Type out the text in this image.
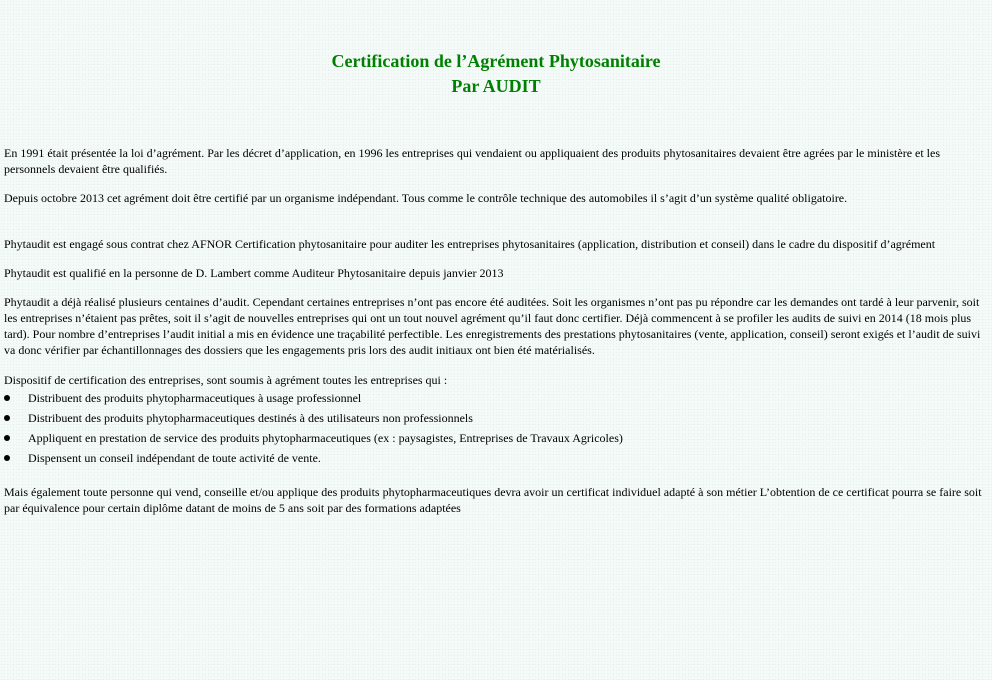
Certification de l’Agrément Phytosanitaire
Par AUDIT

En 1991 était présentée la loi d’agrément. Par les décret d’application, en 1996 les entreprises qui vendaient ou appliquaient des produits phytosanitaires devaient être agrées par le ministère et les personnels devaient être qualifiés.

Depuis octobre 2013 cet agrément doit être certifié par un organisme indépendant. Tous comme le contrôle technique des automobiles il s’agit d’un système qualité obligatoire.

Phytaudit est engagé sous contrat chez AFNOR Certification phytosanitaire pour auditer les entreprises phytosanitaires (application, distribution et conseil) dans le cadre du dispositif d’agrément

Phytaudit est qualifié en la personne de D. Lambert comme Auditeur Phytosanitaire depuis janvier 2013

Phytaudit a déjà réalisé plusieurs centaines d’audit. Cependant certaines entreprises n’ont pas encore été auditées. Soit les organismes n’ont pas pu répondre car les demandes ont tardé à leur parvenir, soit les entreprises n’étaient pas prêtes, soit il s’agit de nouvelles entreprises qui ont un tout nouvel agrément qu’il faut donc certifier. Déjà commencent à se profiler les audits de suivi en 2014 (18 mois plus tard). Pour nombre d’entreprises l’audit initial a mis en évidence une traçabilité perfectible. Les enregistrements des prestations phytosanitaires (vente, application, conseil) seront exigés et l’audit de suivi va donc vérifier par échantillonnages des dossiers que les engagements pris lors des audit initiaux ont bien été matérialisés.

Dispositif de certification des entreprises, sont soumis à agrément toutes les entreprises qui :

Distribuent des produits phytopharmaceutiques à usage professionnel
Distribuent des produits phytopharmaceutiques destinés à des utilisateurs non professionnels
Appliquent en prestation de service des produits phytopharmaceutiques (ex : paysagistes, Entreprises de Travaux Agricoles)
Dispensent un conseil indépendant de toute activité de vente.

Mais également toute personne qui vend, conseille et/ou applique des produits phytopharmaceutiques devra avoir un certificat individuel adapté à son métier L’obtention de ce certificat pourra se faire soit par équivalence pour certain diplôme datant de moins de 5 ans soit par des formations adaptées
